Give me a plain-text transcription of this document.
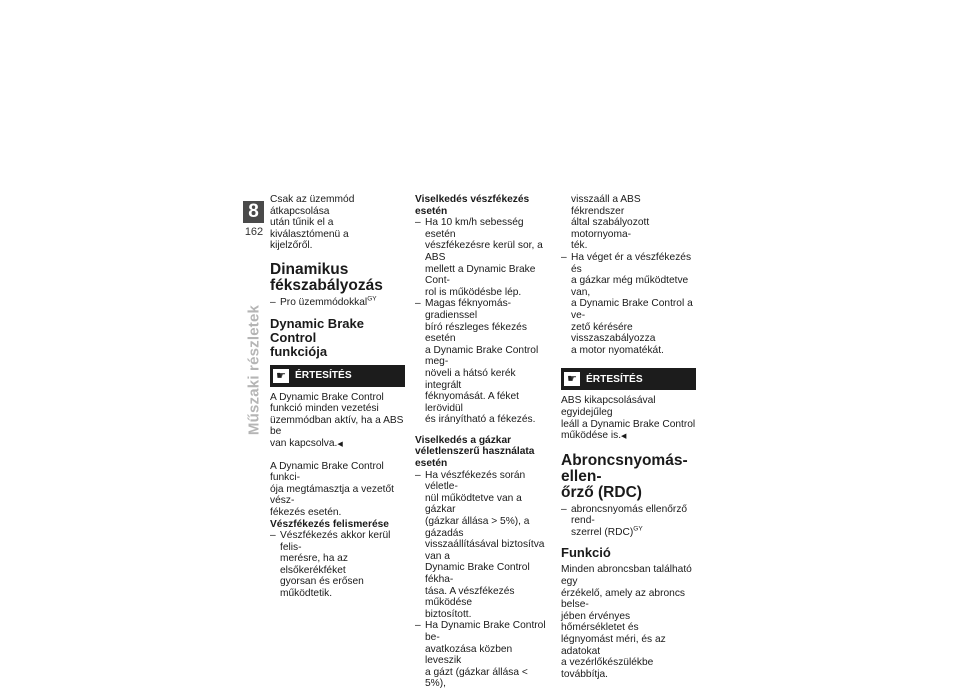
8
162
Műszaki részletek

Csak az üzemmód átkapcsolása
után tűnik el a kiválasztómenü a
kijelzőről.

Dinamikus
fékszabályozás
– Pro üzemmódokkal$^{GY}$
Dynamic Brake Control
funkciója
☛ ÉRTESÍTÉS

A Dynamic Brake Control
funkció minden vezetési
üzemmódban aktív, ha a ABS be
van kapcsolva.◀

A Dynamic Brake Control funkci-
ója megtámasztja a vezetőt vész-
fékezés esetén.

Vészfékezés felismerése
– Vészfékezés akkor kerül felis-
merésre, ha az elsőkerékféket
gyorsan és erősen működtetik.
Viselkedés vészfékezés
esetén
– Ha 10 km/h sebesség esetén
vészfékezésre kerül sor, a ABS
mellett a Dynamic Brake Cont-
rol is működésbe lép.
– Magas féknyomás-gradienssel
bíró részleges fékezés esetén
a Dynamic Brake Control meg-
növeli a hátsó kerék integrált
féknyomását. A féket lerövidül
és irányítható a fékezés.
Viselkedés a gázkar
véletlenszerű használata
esetén
– Ha vészfékezés során véletle-
nül működtetve van a gázkar
(gázkar állása > 5%), a gázadás
visszaállításával biztosítva van a
Dynamic Brake Control fékha-
tása. A vészfékezés működése
biztosított.
– Ha Dynamic Brake Control be-
avatkozása közben leveszik
a gázt (gázkar állása < 5%),

visszaáll a ABS fékrendszer
által szabályozott motornyoma-
ték.

– Ha véget ér a vészfékezés és
a gázkar még működtetve van,
a Dynamic Brake Control a ve-
zető kérésére visszaszabályozza
a motor nyomatékát.
☛ ÉRTESÍTÉS

ABS kikapcsolásával egyidejűleg
leáll a Dynamic Brake Control
működése is.◀

Abroncsnyomás-ellen-
őrző (RDC)
– abroncsnyomás ellenőrző rend-
szerrel (RDC)$^{GY}$
Funkció

Minden abroncsban található egy
érzékelő, amely az abroncs belse-
jében érvényes hőmérsékletet és
légnyomást méri, és az adatokat
a vezérlőkészülékbe továbbítja.
